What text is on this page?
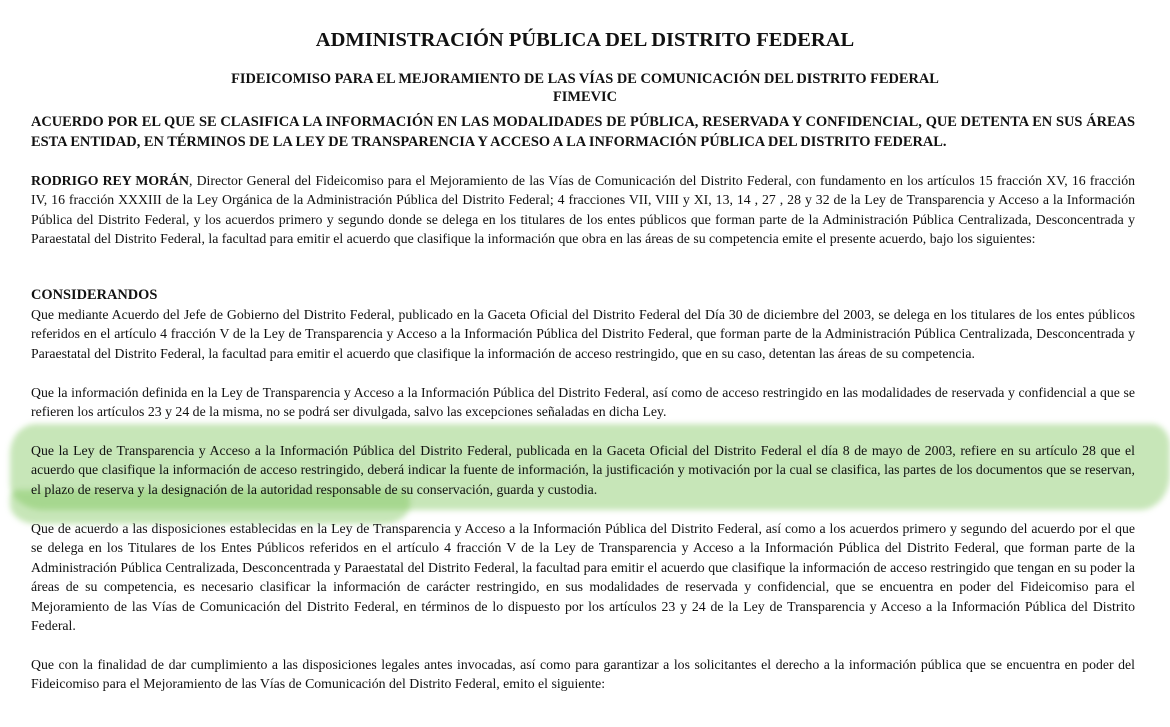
ADMINISTRACIÓN PÚBLICA DEL DISTRITO FEDERAL
FIDEICOMISO PARA EL MEJORAMIENTO DE LAS VÍAS DE COMUNICACIÓN DEL DISTRITO FEDERAL
FIMEVIC
ACUERDO POR EL QUE SE CLASIFICA LA INFORMACIÓN EN LAS MODALIDADES DE PÚBLICA, RESERVADA Y CONFIDENCIAL, QUE DETENTA EN SUS ÁREAS ESTA ENTIDAD, EN TÉRMINOS DE LA LEY DE TRANSPARENCIA Y ACCESO A LA INFORMACIÓN PÚBLICA DEL DISTRITO FEDERAL.
RODRIGO REY MORÁN, Director General del Fideicomiso para el Mejoramiento de las Vías de Comunicación del Distrito Federal, con fundamento en los artículos 15 fracción XV, 16 fracción IV, 16 fracción XXXIII de la Ley Orgánica de la Administración Pública del Distrito Federal; 4 fracciones VII, VIII y XI, 13, 14 , 27 , 28 y 32 de la Ley de Transparencia y Acceso a la Información Pública del Distrito Federal, y los acuerdos primero y segundo donde se delega en los titulares de los entes públicos que forman parte de la Administración Pública Centralizada, Desconcentrada y Paraestatal del Distrito Federal, la facultad para emitir el acuerdo que clasifique la información que obra en las áreas de su competencia emite el presente acuerdo, bajo los siguientes:
CONSIDERANDOS
Que mediante Acuerdo del Jefe de Gobierno del Distrito Federal, publicado en la Gaceta Oficial del Distrito Federal del Día 30 de diciembre del 2003, se delega en los titulares de los entes públicos referidos en el artículo 4 fracción V de la Ley de Transparencia y Acceso a la Información Pública del Distrito Federal, que forman parte de la Administración Pública Centralizada, Desconcentrada y Paraestatal del Distrito Federal, la facultad para emitir el acuerdo que clasifique la información de acceso restringido, que en su caso, detentan las áreas de su competencia.
Que la información definida en la Ley de Transparencia y Acceso a la Información Pública del Distrito Federal, así como de acceso restringido en las modalidades de reservada y confidencial a que se refieren los artículos 23 y 24 de la misma, no se podrá ser divulgada, salvo las excepciones señaladas en dicha Ley.
Que la Ley de Transparencia y Acceso a la Información Pública del Distrito Federal, publicada en la Gaceta Oficial del Distrito Federal el día 8 de mayo de 2003, refiere en su artículo 28 que el acuerdo que clasifique la información de acceso restringido, deberá indicar la fuente de información, la justificación y motivación por la cual se clasifica, las partes de los documentos que se reservan, el plazo de reserva y la designación de la autoridad responsable de su conservación, guarda y custodia.
Que de acuerdo a las disposiciones establecidas en la Ley de Transparencia y Acceso a la Información Pública del Distrito Federal, así como a los acuerdos primero y segundo del acuerdo por el que se delega en los Titulares de los Entes Públicos referidos en el artículo 4 fracción V de la Ley de Transparencia y Acceso a la Información Pública del Distrito Federal, que forman parte de la Administración Pública Centralizada, Desconcentrada y Paraestatal del Distrito Federal, la facultad para emitir el acuerdo que clasifique la información de acceso restringido que tengan en su poder la áreas de su competencia, es necesario clasificar la información de carácter restringido, en sus modalidades de reservada y confidencial, que se encuentra en poder del Fideicomiso para el Mejoramiento de las Vías de Comunicación del Distrito Federal, en términos de lo dispuesto por los artículos 23 y 24 de la Ley de Transparencia y Acceso a la Información Pública del Distrito Federal.
Que con la finalidad de dar cumplimiento a las disposiciones legales antes invocadas, así como para garantizar a los solicitantes el derecho a la información pública que se encuentra en poder del Fideicomiso para el Mejoramiento de las Vías de Comunicación del Distrito Federal, emito el siguiente:
